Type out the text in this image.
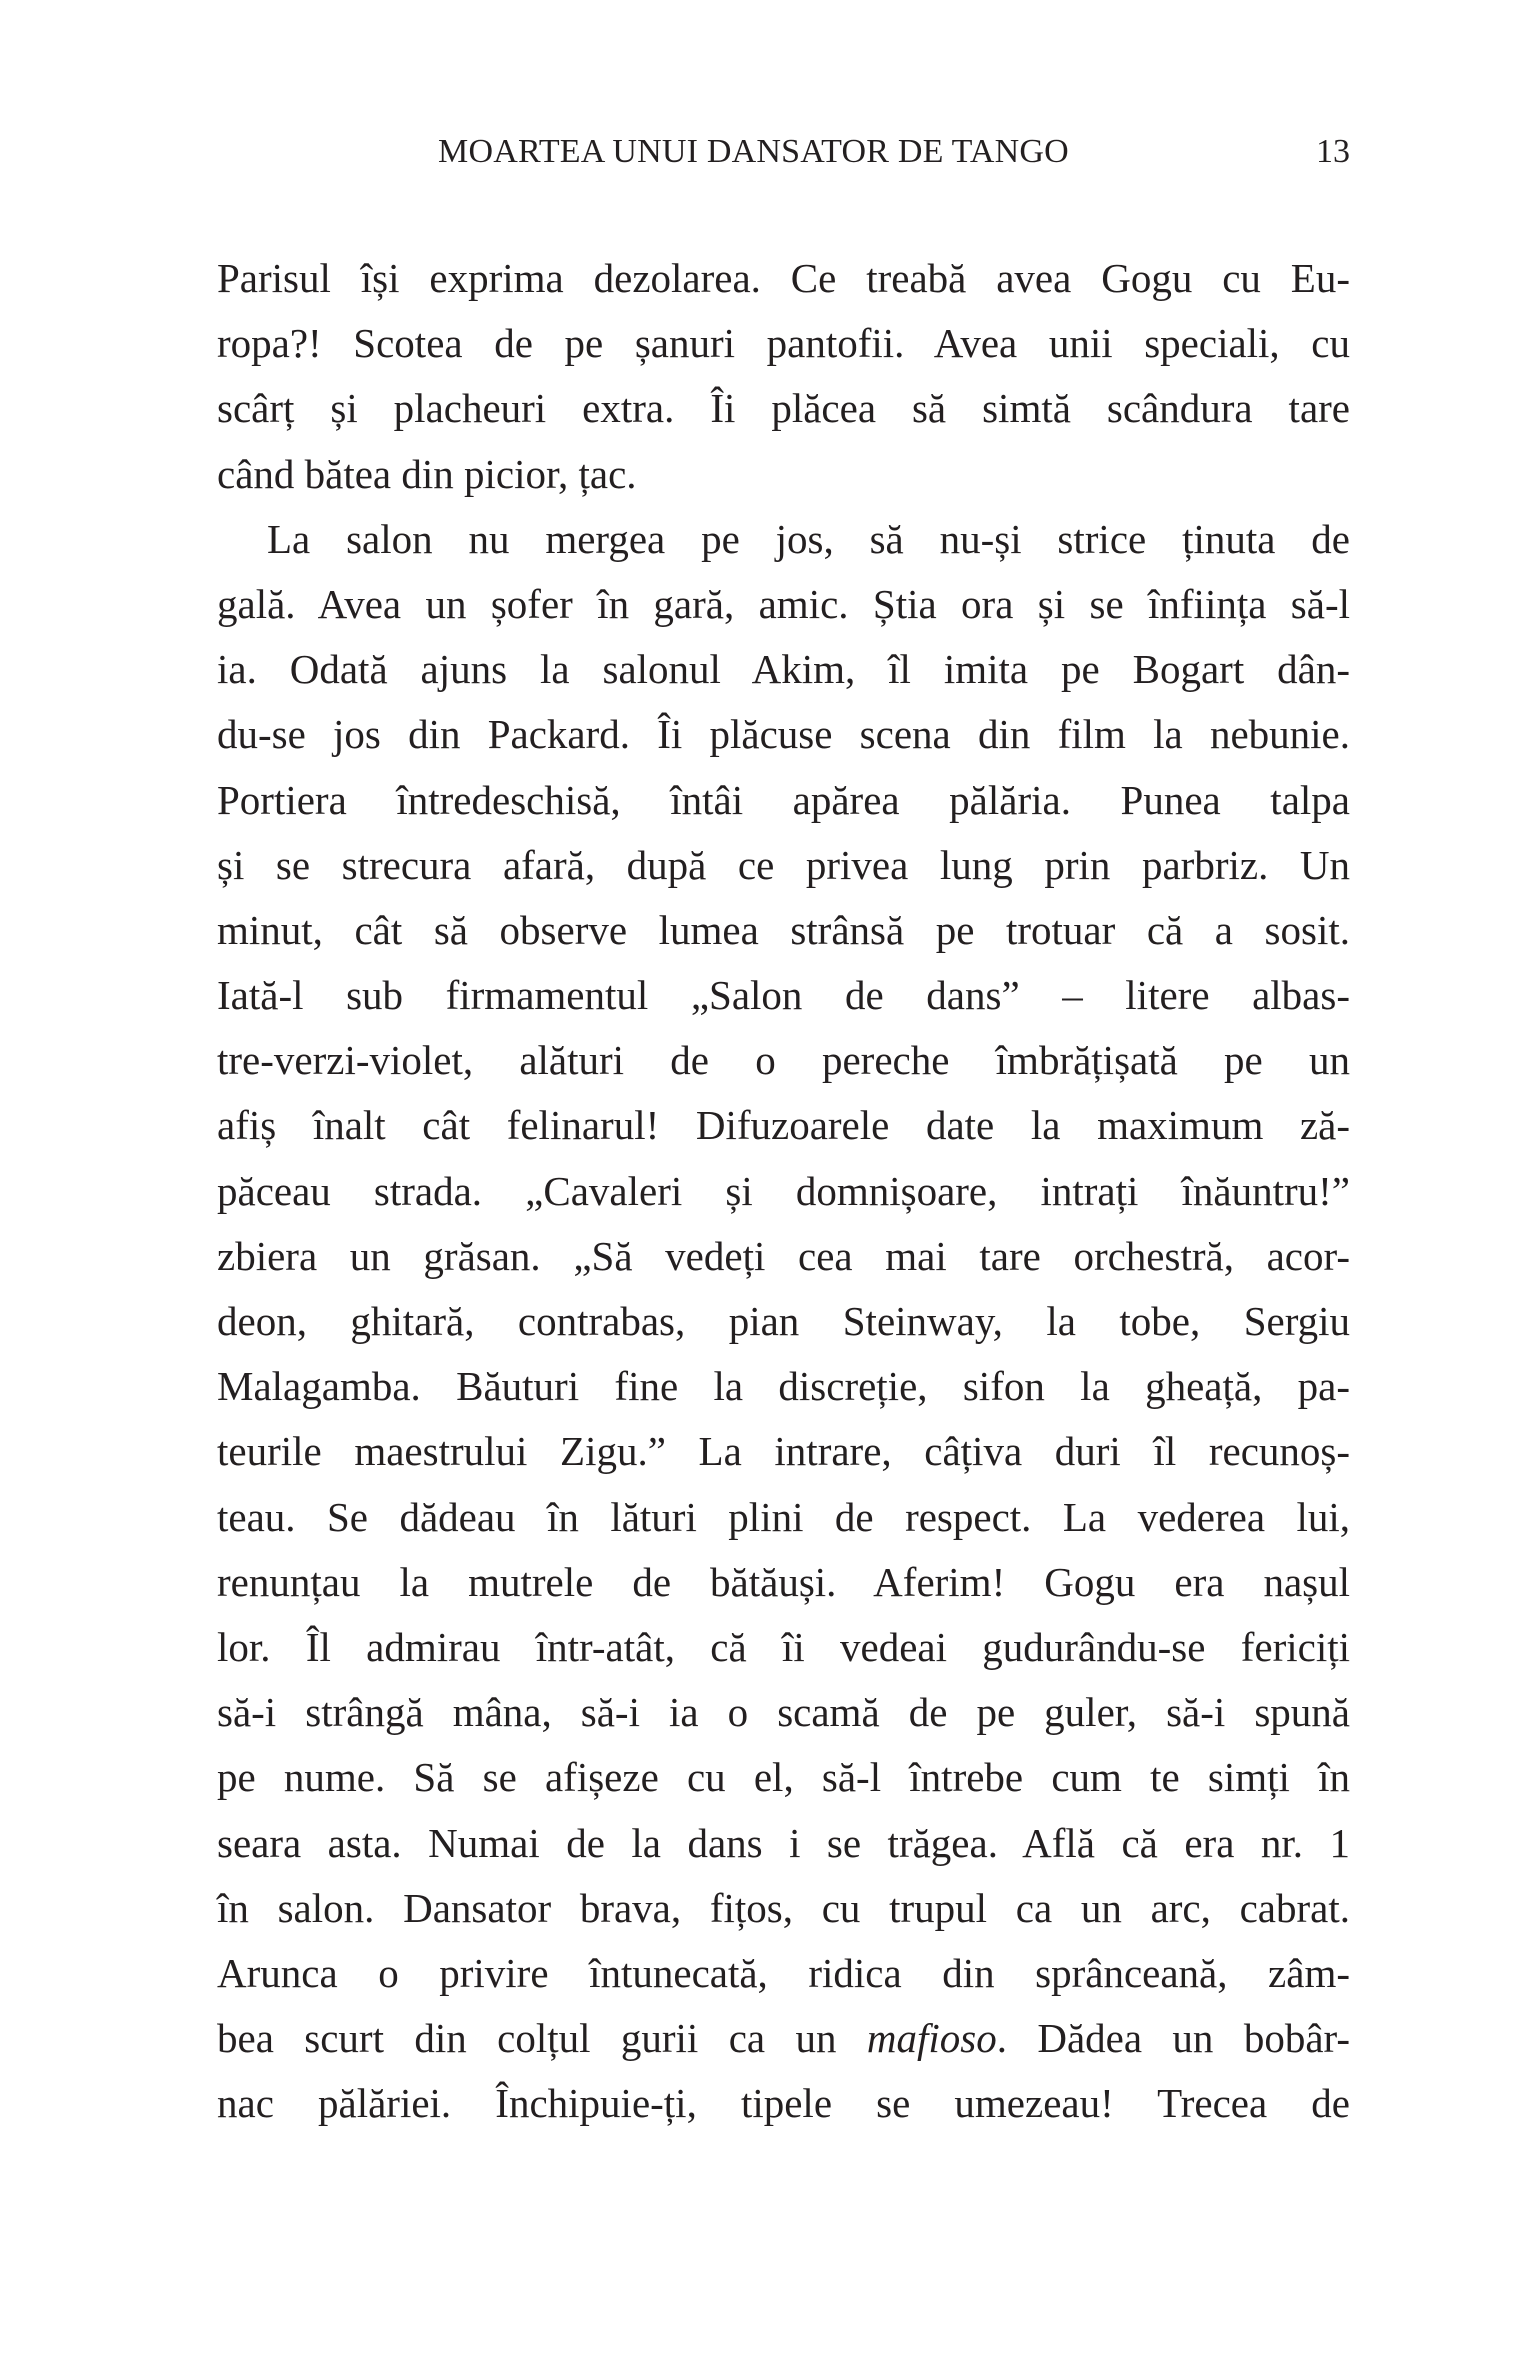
MOARTEA UNUI DANSATOR DE TANGO	13
Parisul își exprima dezolarea. Ce treabă avea Gogu cu Eu-
ropa?! Scotea de pe șanuri pantofii. Avea unii speciali, cu
scârț și placheuri extra. Îi plăcea să simtă scândura tare
când bătea din picior, țac.
La salon nu mergea pe jos, să nu-și strice ținuta de
gală. Avea un șofer în gară, amic. Știa ora și se înființa să-l
ia. Odată ajuns la salonul Akim, îl imita pe Bogart dân-
du-se jos din Packard. Îi plăcuse scena din film la nebunie.
Portiera întredeschisă, întâi apărea pălăria. Punea talpa
și se strecura afară, după ce privea lung prin parbriz. Un
minut, cât să observe lumea strânsă pe trotuar că a sosit.
Iată-l sub firmamentul „Salon de dans” – litere albas-
tre-verzi-violet, alături de o pereche îmbrățișată pe un
afiș înalt cât felinarul! Difuzoarele date la maximum ză-
păceau strada. „Cavaleri și domnișoare, intrați înăuntru!”
zbiera un grăsan. „Să vedeți cea mai tare orchestră, acor-
deon, ghitară, contrabas, pian Steinway, la tobe, Sergiu
Malagamba. Băuturi fine la discreție, sifon la gheață, pa-
teurile maestrului Zigu.” La intrare, câțiva duri îl recunoș-
teau. Se dădeau în lături plini de respect. La vederea lui,
renunțau la mutrele de bătăuși. Aferim! Gogu era nașul
lor. Îl admirau într-atât, că îi vedeai gudurându-se fericiți
să-i strângă mâna, să-i ia o scamă de pe guler, să-i spună
pe nume. Să se afișeze cu el, să-l întrebe cum te simți în
seara asta. Numai de la dans i se trăgea. Află că era nr. 1
în salon. Dansator brava, fițos, cu trupul ca un arc, cabrat.
Arunca o privire întunecată, ridica din sprânceană, zâm-
bea scurt din colțul gurii ca un mafioso. Dădea un bobâr-
nac pălăriei. Închipuie-ți, tipele se umezeau! Trecea de
